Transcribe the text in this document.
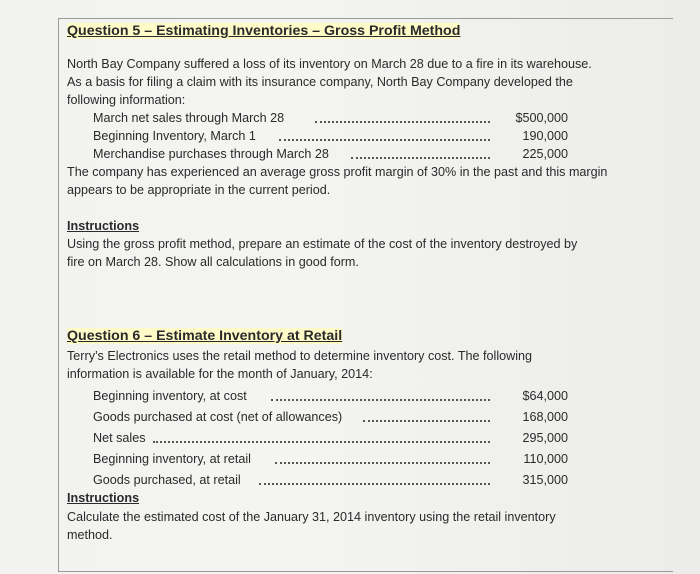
Question 5 – Estimating Inventories – Gross Profit Method
North Bay Company suffered a loss of its inventory on March 28 due to a fire in its warehouse.
As a basis for filing a claim with its insurance company, North Bay Company developed the
following information:
March net sales through March 28	$500,000
Beginning Inventory, March 1	190,000
Merchandise purchases through March 28	225,000
The company has experienced an average gross profit margin of 30% in the past and this margin
appears to be appropriate in the current period.
Instructions
Using the gross profit method, prepare an estimate of the cost of the inventory destroyed by
fire on March 28. Show all calculations in good form.
Question 6 – Estimate Inventory at Retail
Terry’s Electronics uses the retail method to determine inventory cost. The following
information is available for the month of January, 2014:
Beginning inventory, at cost	$64,000
Goods purchased at cost (net of allowances)	168,000
Net sales	295,000
Beginning inventory, at retail	110,000
Goods purchased, at retail	315,000
Instructions
Calculate the estimated cost of the January 31, 2014 inventory using the retail inventory
method.
